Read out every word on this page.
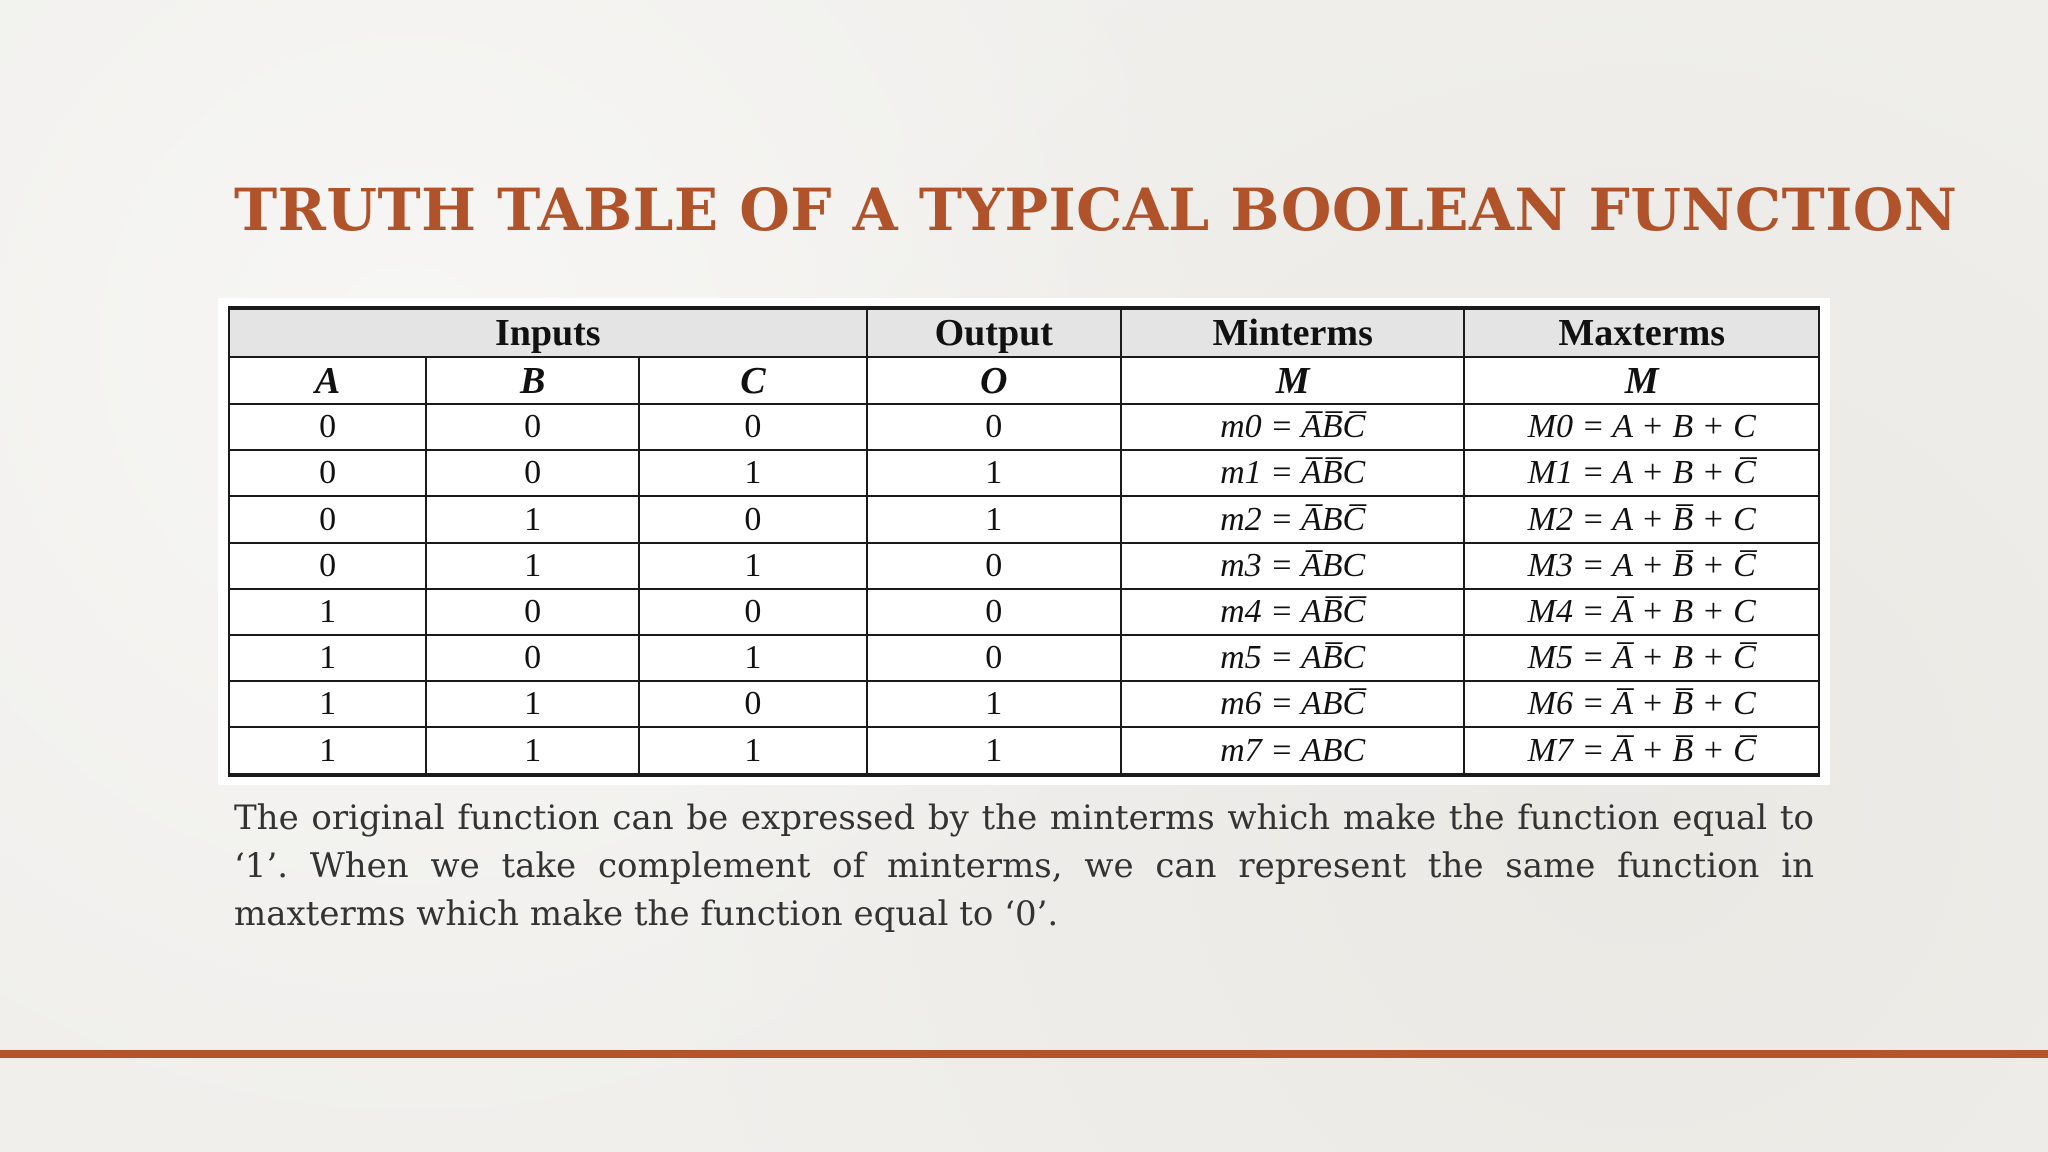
TRUTH TABLE OF A TYPICAL BOOLEAN FUNCTION
Inputs			Output	Minterms	Maxterms
A	B	C	O	M	M
0	0	0	0	m0 = A̅B̅C̅	M0 = A + B + C
0	0	1	1	m1 = A̅B̅C	M1 = A + B + C̅
0	1	0	1	m2 = A̅BC̅	M2 = A + B̅ + C
0	1	1	0	m3 = A̅BC	M3 = A + B̅ + C̅
1	0	0	0	m4 = AB̅C̅	M4 = A̅ + B + C
1	0	1	0	m5 = AB̅C	M5 = A̅ + B + C̅
1	1	0	1	m6 = ABC̅	M6 = A̅ + B̅ + C
1	1	1	1	m7 = ABC	M7 = A̅ + B̅ + C̅

The original function can be expressed by the minterms which make the function equal to ‘1’. When we take complement of minterms, we can represent the same function in maxterms which make the function equal to ‘0’.
